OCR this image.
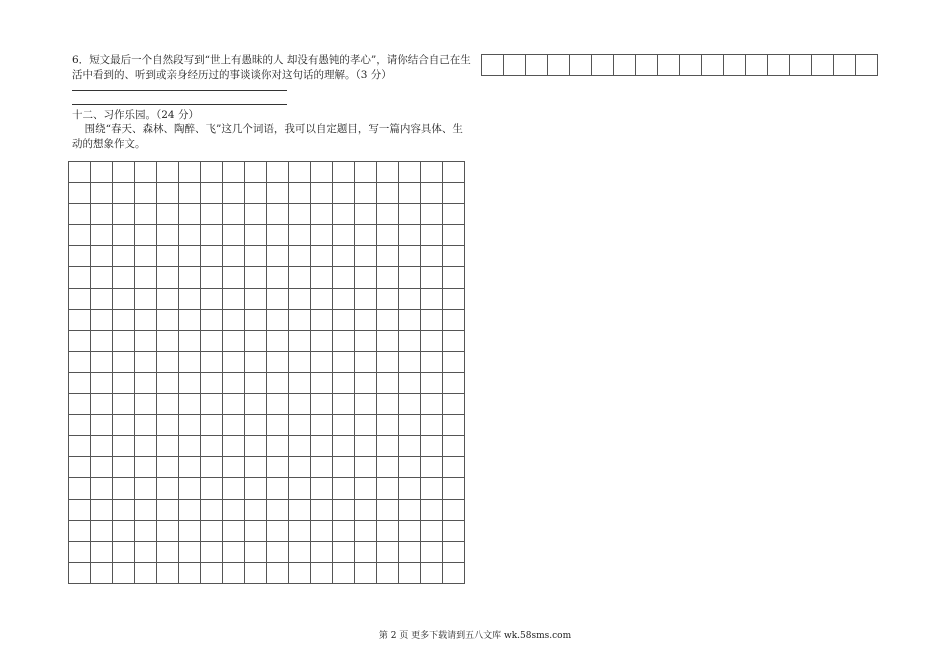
6．短文最后一个自然段写到“世上有愚昧的人 却没有愚钝的孝心”，请你结合自己在生活中看到的、听到或亲身经历过的事谈谈你对这句话的理解。（3 分）
十二、习作乐园。（24 分）
围绕“春天、森林、陶醉、飞”这几个词语，我可以自定题目，写一篇内容具体、生动的想象作文。

第 2 页 更多下载请到五八文库 wk.58sms.com
